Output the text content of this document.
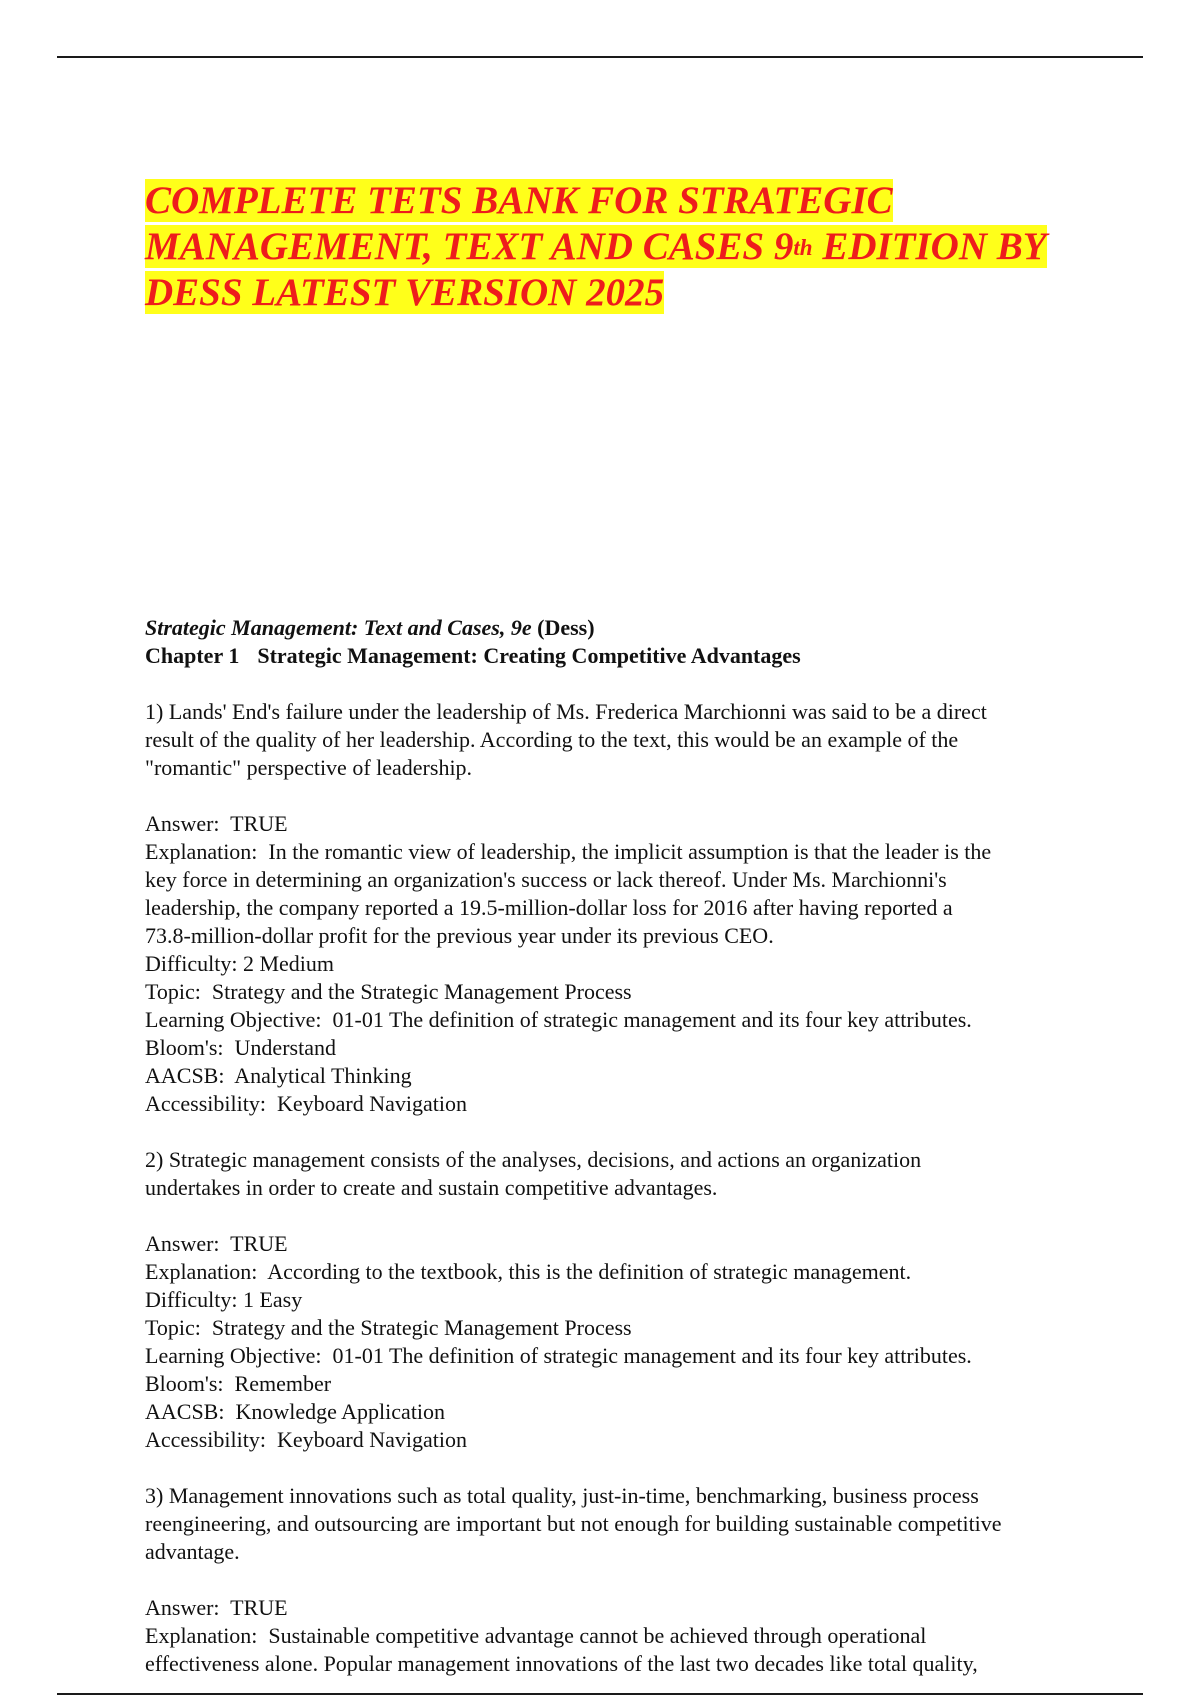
COMPLETE TETS BANK FOR STRATEGIC
MANAGEMENT, TEXT AND CASES 9th EDITION BY
DESS LATEST VERSION 2025

Strategic Management: Text and Cases, 9e (Dess)

Chapter 1 Strategic Management: Creating Competitive Advantages

1) Lands' End's failure under the leadership of Ms. Frederica Marchionni was said to be a direct
result of the quality of her leadership. According to the text, this would be an example of the
"romantic" perspective of leadership.
Answer:  TRUE
Explanation:  In the romantic view of leadership, the implicit assumption is that the leader is the
key force in determining an organization's success or lack thereof. Under Ms. Marchionni's
leadership, the company reported a 19.5-million-dollar loss for 2016 after having reported a
73.8-million-dollar profit for the previous year under its previous CEO.
Difficulty: 2 Medium
Topic:  Strategy and the Strategic Management Process
Learning Objective:  01-01 The definition of strategic management and its four key attributes.
Bloom's:  Understand
AACSB:  Analytical Thinking
Accessibility:  Keyboard Navigation
2) Strategic management consists of the analyses, decisions, and actions an organization
undertakes in order to create and sustain competitive advantages.
Answer:  TRUE
Explanation:  According to the textbook, this is the definition of strategic management.
Difficulty: 1 Easy
Topic:  Strategy and the Strategic Management Process
Learning Objective:  01-01 The definition of strategic management and its four key attributes.
Bloom's:  Remember
AACSB:  Knowledge Application
Accessibility:  Keyboard Navigation
3) Management innovations such as total quality, just-in-time, benchmarking, business process
reengineering, and outsourcing are important but not enough for building sustainable competitive
advantage.
Answer:  TRUE
Explanation:  Sustainable competitive advantage cannot be achieved through operational
effectiveness alone. Popular management innovations of the last two decades like total quality,
